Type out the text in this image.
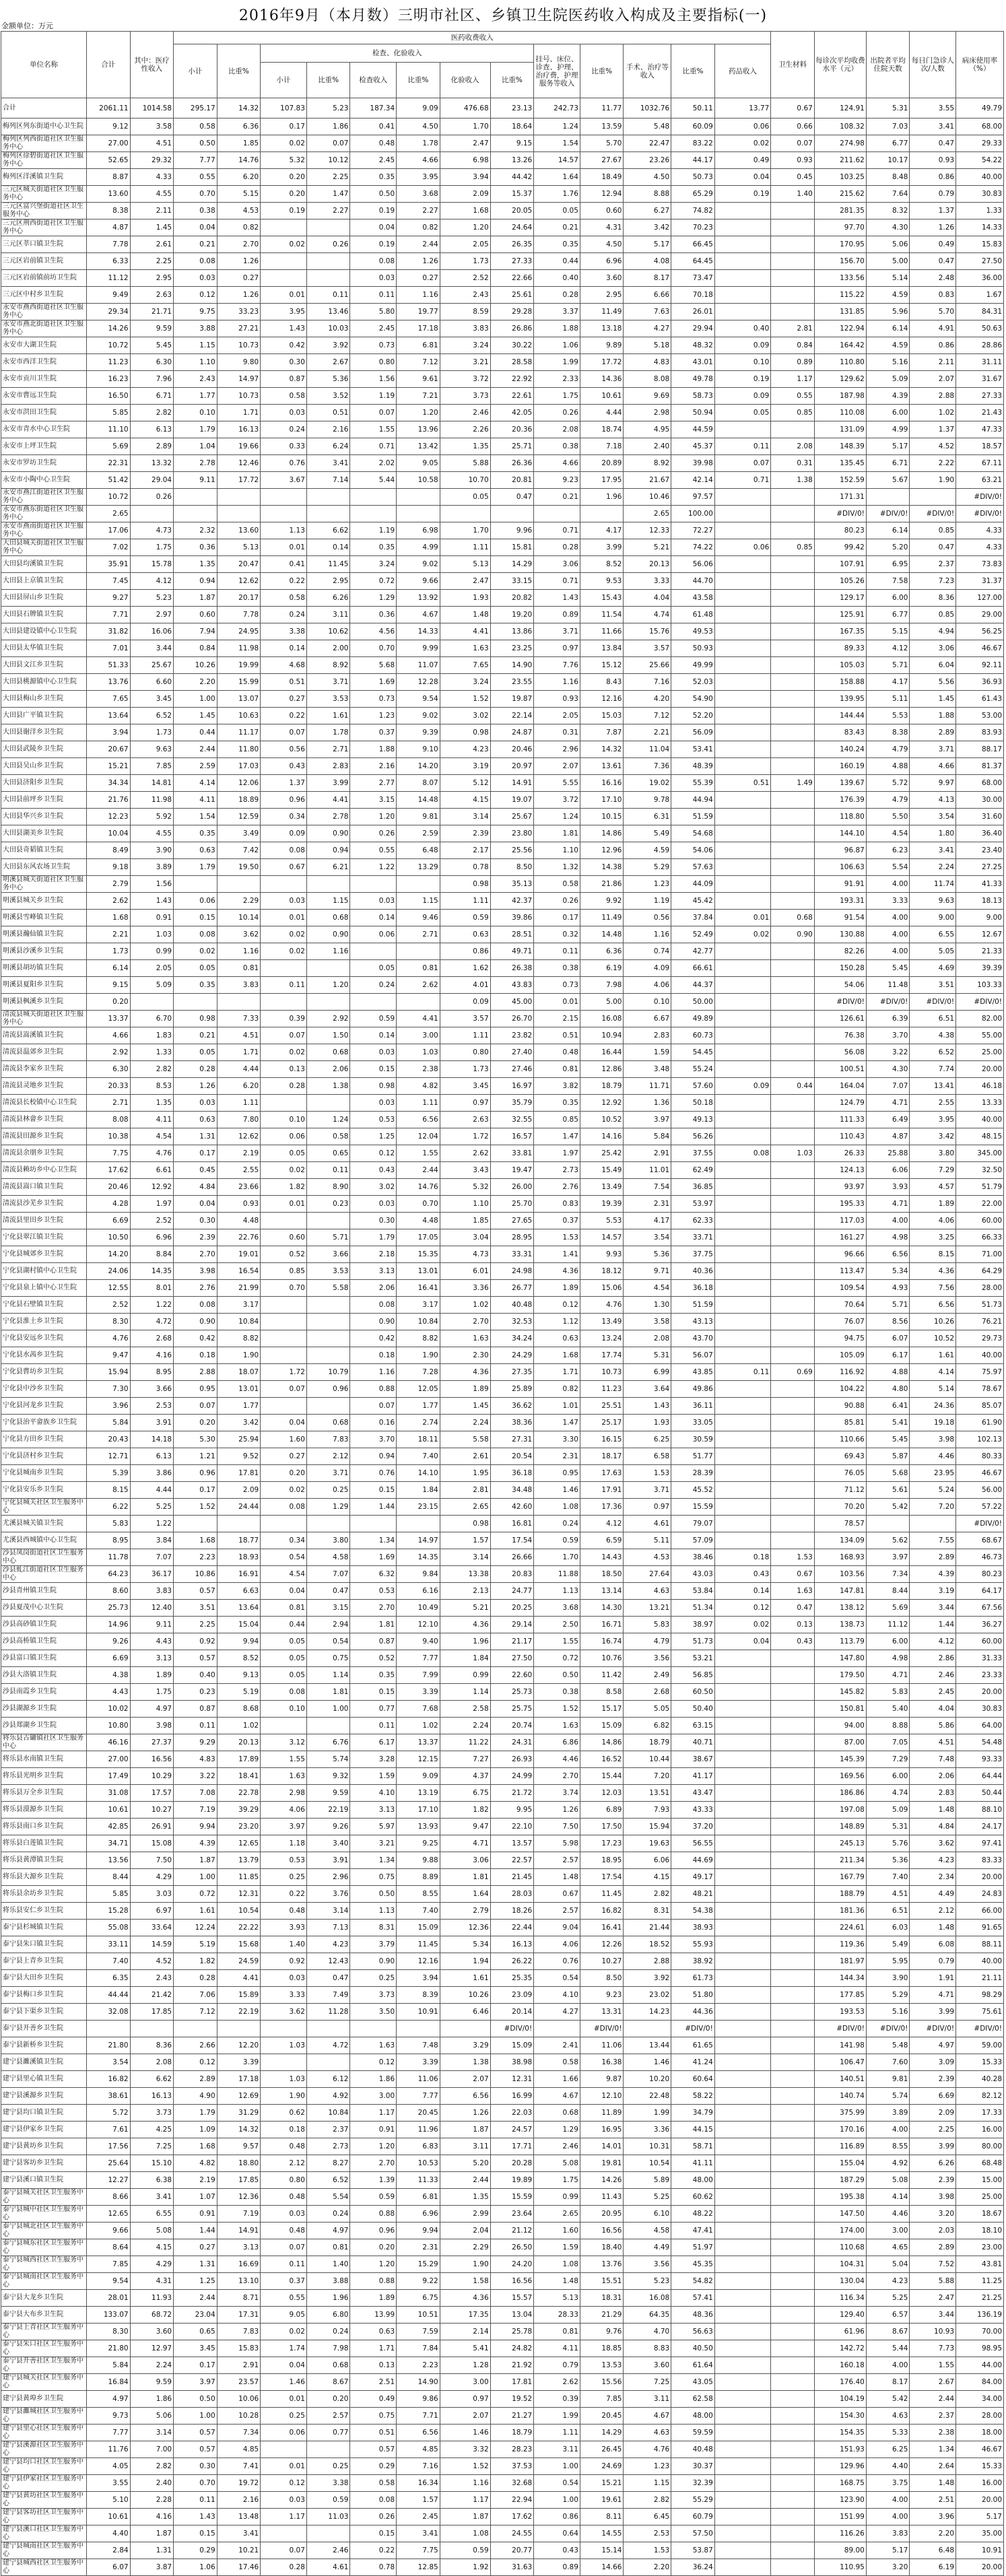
2016年9月（本月数）三明市社区、乡镇卫生院医药收入构成及主要指标(一)
金额单位：万元
单位名称	合计	其中：医疗性收入	医药收费收入													卫生材料	每诊次平均收费水平（元）	出院者平均住院天数	每日门急诊人次/人数	病床使用率（%）
			小计	比重%	检查、化验收入						挂号、床位、诊查、护理、治疗费，护理服务等收入	比重%	手术、治疗等收入	比重%	药品收入					
					小计	比重%	检查收入	比重%	化验收入	比重%										
合计	2061.11	1014.58	295.17	14.32	107.83	5.23	187.34	9.09	476.68	23.13	242.73	11.77	1032.76	50.11	13.77	0.67	124.91	5.31	3.55	49.79
梅列区列东街道中心卫生院	9.12	3.58	0.58	6.36	0.17	1.86	0.41	4.50	1.70	18.64	1.24	13.59	5.48	60.09	0.06	0.66	108.32	7.03	3.41	68.00
梅列区列西街道社区卫生服务中心	27.00	4.51	0.50	1.85	0.02	0.07	0.48	1.78	2.47	9.15	1.54	5.70	22.47	83.22	0.02	0.07	274.98	6.77	0.47	29.33
梅列区徐碧街道社区卫生服务中心	52.65	29.32	7.77	14.76	5.32	10.12	2.45	4.66	6.98	13.26	14.57	27.67	23.26	44.17	0.49	0.93	211.62	10.17	0.93	54.22
梅列区洋溪镇卫生院	8.87	4.33	0.55	6.20	0.20	2.25	0.35	3.95	3.94	44.42	1.64	18.49	4.50	50.73	0.04	0.45	103.25	8.48	0.86	40.00
三元区城关街道社区卫生服务中心	13.60	4.55	0.70	5.15	0.20	1.47	0.50	3.68	2.09	15.37	1.76	12.94	8.88	65.29	0.19	1.40	215.62	7.64	0.79	30.83
三元区富兴堡街道社区卫生服务中心	8.38	2.11	0.38	4.53	0.19	2.27	0.19	2.27	1.68	20.05	0.05	0.60	6.27	74.82			281.35	8.32	1.37	1.33
三元区荆西街道社区卫生服务中心	4.87	1.45	0.04	0.82			0.04	0.82	1.20	24.64	0.21	4.31	3.42	70.23			97.70	4.30	1.26	14.33
三元区莘口镇卫生院	7.78	2.61	0.21	2.70	0.02	0.26	0.19	2.44	2.05	26.35	0.35	4.50	5.17	66.45			170.95	5.06	0.49	15.83
三元区岩前镇卫生院	6.33	2.25	0.08	1.26			0.08	1.26	1.73	27.33	0.44	6.96	4.08	64.45			156.70	5.00	0.47	27.50
三元区岩前镇前坊卫生院	11.12	2.95	0.03	0.27			0.03	0.27	2.52	22.66	0.40	3.60	8.17	73.47			133.56	5.14	2.48	36.00
三元区中村乡卫生院	9.49	2.63	0.12	1.26	0.01	0.11	0.11	1.16	2.43	25.61	0.28	2.95	6.66	70.18			115.22	4.59	0.83	1.67
永安市燕西街道社区卫生服务中心	29.34	21.71	9.75	33.23	3.95	13.46	5.80	19.77	8.59	29.28	3.37	11.49	7.63	26.01			131.85	5.96	5.70	84.31
永安市燕北街道社区卫生服务中心	14.26	9.59	3.88	27.21	1.43	10.03	2.45	17.18	3.83	26.86	1.88	13.18	4.27	29.94	0.40	2.81	122.94	6.14	4.91	50.63
永安市大湖卫生院	10.72	5.45	1.15	10.73	0.42	3.92	0.73	6.81	3.24	30.22	1.06	9.89	5.18	48.32	0.09	0.84	164.42	4.59	0.86	28.86
永安市西洋卫生院	11.23	6.30	1.10	9.80	0.30	2.67	0.80	7.12	3.21	28.58	1.99	17.72	4.83	43.01	0.10	0.89	110.80	5.16	2.11	31.11
永安市贡川卫生院	16.23	7.96	2.43	14.97	0.87	5.36	1.56	9.61	3.72	22.92	2.33	14.36	8.08	49.78	0.19	1.17	129.62	5.09	2.07	31.67
永安市曹远卫生院	16.50	6.71	1.77	10.73	0.58	3.52	1.19	7.21	3.73	22.61	1.75	10.61	9.69	58.73	0.09	0.55	187.98	4.39	2.88	27.33
永安市洪田卫生院	5.85	2.82	0.10	1.71	0.03	0.51	0.07	1.20	2.46	42.05	0.26	4.44	2.98	50.94	0.05	0.85	110.08	6.00	1.02	21.43
永安市青水中心卫生院	11.10	6.13	1.79	16.13	0.24	2.16	1.55	13.96	2.26	20.36	2.08	18.74	4.95	44.59			131.09	4.99	1.37	47.33
永安市上坪卫生院	5.69	2.89	1.04	19.66	0.33	6.24	0.71	13.42	1.35	25.71	0.38	7.18	2.40	45.37	0.11	2.08	148.39	5.17	4.52	18.57
永安市罗坊卫生院	22.31	13.32	2.78	12.46	0.76	3.41	2.02	9.05	5.88	26.36	4.66	20.89	8.92	39.98	0.07	0.31	135.45	6.71	2.22	67.11
永安市小陶中心卫生院	51.42	29.04	9.11	17.72	3.67	7.14	5.44	10.58	10.70	20.81	9.23	17.95	21.67	42.14	0.71	1.38	152.59	5.67	1.90	63.21
永安市燕江街道社区卫生服务中心	10.72	0.26							0.05	0.47	0.21	1.96	10.46	97.57			171.31			#DIV/0!
永安市燕东街道社区卫生服务中心	2.65												2.65	100.00			#DIV/0!	#DIV/0!	#DIV/0!	#DIV/0!
永安市燕南街道社区卫生服务中心	17.06	4.73	2.32	13.60	1.13	6.62	1.19	6.98	1.70	9.96	0.71	4.17	12.33	72.27			80.23	6.14	0.85	4.33
大田县城关街道社区卫生服务中心	7.02	1.75	0.36	5.13	0.01	0.14	0.35	4.99	1.11	15.81	0.28	3.99	5.21	74.22	0.06	0.85	99.42	5.20	0.47	4.33
大田县均溪镇卫生院	35.91	15.78	1.35	20.47	0.41	11.45	3.24	9.02	5.13	14.29	3.06	8.52	20.13	56.06			107.91	6.95	2.37	73.83
大田县上京镇卫生院	7.45	4.12	0.94	12.62	0.22	2.95	0.72	9.66	2.47	33.15	0.71	9.53	3.33	44.70			105.26	7.58	7.23	31.37
大田县屏山乡卫生院	9.27	5.23	1.87	20.17	0.58	6.26	1.29	13.92	1.93	20.82	1.43	15.43	4.04	43.58			129.17	6.00	8.36	127.00
大田县石牌镇卫生院	7.71	2.97	0.60	7.78	0.24	3.11	0.36	4.67	1.48	19.20	0.89	11.54	4.74	61.48			125.91	6.77	0.85	29.00
大田县建设镇中心卫生院	31.82	16.06	7.94	24.95	3.38	10.62	4.56	14.33	4.41	13.86	3.71	11.66	15.76	49.53			167.35	5.15	4.94	56.25
大田县太华镇卫生院	7.01	3.44	0.84	11.98	0.14	2.00	0.70	9.99	1.63	23.25	0.97	13.84	3.57	50.93			89.33	4.12	3.06	46.67
大田县文江乡卫生院	51.33	25.67	10.26	19.99	4.68	8.92	5.68	11.07	7.65	14.90	7.76	15.12	25.66	49.99			105.03	5.71	6.04	92.11
大田县桃源镇中心卫生院	13.76	6.60	2.20	15.99	0.51	3.71	1.69	12.28	3.24	23.55	1.16	8.43	7.16	52.03			158.88	4.17	5.56	36.93
大田县梅山乡卫生院	7.65	3.45	1.00	13.07	0.27	3.53	0.73	9.54	1.52	19.87	0.93	12.16	4.20	54.90			139.95	5.11	1.45	61.43
大田县广平镇卫生院	13.64	6.52	1.45	10.63	0.22	1.61	1.23	9.02	3.02	22.14	2.05	15.03	7.12	52.20			144.44	5.53	1.88	53.00
大田县谢洋乡卫生院	3.94	1.73	0.44	11.17	0.07	1.78	0.37	9.39	0.98	24.87	0.31	7.87	2.21	56.09			83.43	8.38	2.89	83.93
大田县武陵乡卫生院	20.67	9.63	2.44	11.80	0.56	2.71	1.88	9.10	4.23	20.46	2.96	14.32	11.04	53.41			140.24	4.79	3.71	88.17
大田县吴山乡卫生院	15.21	7.85	2.59	17.03	0.43	2.83	2.16	14.20	3.19	20.97	2.07	13.61	7.36	48.39			160.19	4.88	4.66	81.37
大田县济阳乡卫生院	34.34	14.81	4.14	12.06	1.37	3.99	2.77	8.07	5.12	14.91	5.55	16.16	19.02	55.39	0.51	1.49	139.67	5.72	9.97	68.00
大田县前坪乡卫生院	21.76	11.98	4.11	18.89	0.96	4.41	3.15	14.48	4.15	19.07	3.72	17.10	9.78	44.94			176.39	4.79	4.13	30.00
大田县华兴乡卫生院	12.23	5.92	1.54	12.59	0.34	2.78	1.20	9.81	3.14	25.67	1.24	10.15	6.31	51.59			118.80	5.50	3.54	31.60
大田县湖美乡卫生院	10.04	4.55	0.35	3.49	0.09	0.90	0.26	2.59	2.39	23.80	1.81	14.86	5.49	54.68			144.10	4.54	1.80	36.40
大田县奇韬镇卫生院	8.49	3.90	0.63	7.42	0.08	0.94	0.55	6.48	2.17	25.56	1.10	12.96	4.59	54.06			96.87	6.23	3.41	23.40
大田县东风农场卫生院	9.18	3.89	1.79	19.50	0.67	6.21	1.22	13.29	0.78	8.50	1.32	14.38	5.29	57.63			106.63	5.54	2.24	27.25
明溪县城关街道社区卫生服务中心	2.79	1.56							0.98	35.13	0.58	21.86	1.23	44.09			91.91	4.00	11.74	41.33
明溪县城关乡卫生院	2.62	1.43	0.06	2.29	0.03	1.15	0.03	1.15	1.11	42.37	0.26	9.92	1.19	45.42			193.31	3.33	9.63	18.13
明溪县雪峰镇卫生院	1.68	0.91	0.15	10.14	0.01	0.68	0.14	9.46	0.59	39.86	0.17	11.49	0.56	37.84	0.01	0.68	91.54	4.00	9.00	9.00
明溪县瀚仙镇卫生院	2.21	1.03	0.08	3.62	0.02	0.90	0.06	2.71	0.63	28.51	0.32	14.48	1.16	52.49	0.02	0.90	130.88	4.00	6.55	12.67
明溪县沙溪乡卫生院	1.73	0.99	0.02	1.16	0.02	1.16			0.86	49.71	0.11	6.36	0.74	42.77			82.26	4.00	5.05	21.33
明溪县胡坊镇卫生院	6.14	2.05	0.05	0.81			0.05	0.81	1.62	26.38	0.38	6.19	4.09	66.61			150.28	5.45	4.69	39.39
明溪县夏阳乡卫生院	9.15	5.09	0.35	3.83	0.11	1.20	0.24	2.62	4.01	43.83	0.73	7.98	4.06	44.37			54.06	11.48	3.51	103.33
明溪县枫溪乡卫生院	0.20								0.09	45.00	0.01	5.00	0.10	50.00			#DIV/0!	#DIV/0!	#DIV/0!	#DIV/0!
清流县城关街道社区卫生服务中心	13.37	6.70	0.98	7.33	0.39	2.92	0.59	4.41	3.57	26.70	2.15	16.08	6.67	49.89			126.61	6.39	6.51	82.00
清流县嵩溪镇卫生院	4.66	1.83	0.21	4.51	0.07	1.50	0.14	3.00	1.11	23.82	0.51	10.94	2.83	60.73			76.38	3.70	4.38	55.00
清流县温郊乡卫生院	2.92	1.33	0.05	1.71	0.02	0.68	0.03	1.03	0.80	27.40	0.48	16.44	1.59	54.45			56.08	3.22	6.52	25.00
清流县李家乡卫生院	6.30	2.82	0.28	4.44	0.13	2.06	0.15	2.38	1.73	27.46	0.81	12.86	3.48	55.24			100.51	4.30	7.74	20.00
清流县灵地乡卫生院	20.33	8.53	1.26	6.20	0.28	1.38	0.98	4.82	3.45	16.97	3.82	18.79	11.71	57.60	0.09	0.44	164.04	7.07	13.41	46.18
清流县长校镇中心卫生院	2.71	1.35	0.03	1.11			0.03	1.11	0.97	35.79	0.35	12.92	1.36	50.18			124.79	4.71	2.55	13.33
清流县林畲乡卫生院	8.08	4.11	0.63	7.80	0.10	1.24	0.53	6.56	2.63	32.55	0.85	10.52	3.97	49.13			111.33	6.49	3.95	40.00
清流县田源乡卫生院	10.38	4.54	1.31	12.62	0.06	0.58	1.25	12.04	1.72	16.57	1.47	14.16	5.84	56.26			110.43	4.87	3.42	48.15
清流县余朋乡卫生院	7.75	4.76	0.17	2.19	0.05	0.65	0.12	1.55	2.62	33.81	1.97	25.42	2.91	37.55	0.08	1.03	26.33	25.88	3.80	345.00
清流县赖坊乡中心卫生院	17.62	6.61	0.45	2.55	0.02	0.11	0.43	2.44	3.43	19.47	2.73	15.49	11.01	62.49			124.13	6.06	7.29	32.50
清流县嵩口镇卫生院	20.46	12.92	4.84	23.66	1.82	8.90	3.02	14.76	5.32	26.00	2.76	13.49	7.54	36.85			93.97	3.93	4.57	51.79
清流县沙芜乡卫生院	4.28	1.97	0.04	0.93	0.01	0.23	0.03	0.70	1.10	25.70	0.83	19.39	2.31	53.97			195.33	4.71	1.89	22.00
清流县里田乡卫生院	6.69	2.52	0.30	4.48			0.30	4.48	1.85	27.65	0.37	5.53	4.17	62.33			117.03	4.00	4.06	60.00
宁化县翠江镇卫生院	10.50	6.96	2.39	22.76	0.60	5.71	1.79	17.05	3.04	28.95	1.53	14.57	3.54	33.71			161.27	4.98	3.25	66.33
宁化县城郊乡卫生院	14.20	8.84	2.70	19.01	0.52	3.66	2.18	15.35	4.73	33.31	1.41	9.93	5.36	37.75			96.66	6.56	8.15	71.00
宁化县湖村镇中心卫生院	24.06	14.35	3.98	16.54	0.85	3.53	3.13	13.01	6.01	24.98	4.36	18.12	9.71	40.36			113.47	5.34	4.36	64.29
宁化县泉上镇中心卫生院	12.55	8.01	2.76	21.99	0.70	5.58	2.06	16.41	3.36	26.77	1.89	15.06	4.54	36.18			109.54	4.93	7.56	28.00
宁化县石壁镇卫生院	2.52	1.22	0.08	3.17			0.08	3.17	1.02	40.48	0.12	4.76	1.30	51.59			70.64	5.71	6.56	51.73
宁化县淮土乡卫生院	8.30	4.72	0.90	10.84			0.90	10.84	2.70	32.53	1.12	13.49	3.58	43.13			76.07	8.56	10.26	76.21
宁化县安远乡卫生院	4.76	2.68	0.42	8.82			0.42	8.82	1.63	34.24	0.63	13.24	2.08	43.70			94.75	6.07	10.52	29.73
宁化县水茜乡卫生院	9.47	4.16	0.18	1.90			0.18	1.90	2.30	24.29	1.68	17.74	5.31	56.07			105.09	6.17	1.61	40.00
宁化县曹坊乡卫生院	15.94	8.95	2.88	18.07	1.72	10.79	1.16	7.28	4.36	27.35	1.71	10.73	6.99	43.85	0.11	0.69	116.92	4.88	4.14	75.97
宁化县中沙乡卫生院	7.30	3.66	0.95	13.01	0.07	0.96	0.88	12.05	1.89	25.89	0.82	11.23	3.64	49.86			104.22	4.80	5.14	78.67
宁化县河龙乡卫生院	3.96	2.53	0.07	1.77			0.07	1.77	1.45	36.62	1.01	25.51	1.43	36.11			90.88	6.41	24.36	85.07
宁化县治平畲族乡卫生院	5.84	3.91	0.20	3.42	0.04	0.68	0.16	2.74	2.24	38.36	1.47	25.17	1.93	33.05			85.81	5.41	19.18	61.90
宁化县方田乡卫生院	20.43	14.18	5.30	25.94	1.60	7.83	3.70	18.11	5.58	27.31	3.30	16.15	6.25	30.59			110.66	5.45	3.98	102.13
宁化县济村乡卫生院	12.71	6.13	1.21	9.52	0.27	2.12	0.94	7.40	2.61	20.54	2.31	18.17	6.58	51.77			69.43	5.87	4.46	80.33
宁化县城南乡卫生院	5.39	3.86	0.96	17.81	0.20	3.71	0.76	14.10	1.95	36.18	0.95	17.63	1.53	28.39			76.05	5.68	23.95	46.67
宁化县安乐乡卫生院	8.15	4.44	0.17	2.09	0.02	0.25	0.15	1.84	2.81	34.48	1.46	17.91	3.71	45.52			71.12	5.61	5.24	56.00
宁化县城关社区卫生服务中心	6.22	5.25	1.52	24.44	0.08	1.29	1.44	23.15	2.65	42.60	1.08	17.36	0.97	15.59			70.20	5.42	7.20	57.22
尤溪县城关镇卫生院	5.83	1.22							0.98	16.81	0.24	4.12	4.61	79.07			78.57			#DIV/0!
尤溪县西城镇中心卫生院	8.95	3.84	1.68	18.77	0.34	3.80	1.34	14.97	1.57	17.54	0.59	6.59	5.11	57.09			134.09	5.62	7.55	68.67
沙县凤岗街道社区卫生服务中心	11.78	7.07	2.23	18.93	0.54	4.58	1.69	14.35	3.14	26.66	1.70	14.43	4.53	38.46	0.18	1.53	168.93	3.97	2.89	46.73
沙县虬江街道社区卫生服务中心	64.23	36.17	10.86	16.91	4.54	7.07	6.32	9.84	13.38	20.83	11.88	18.50	27.64	43.03	0.43	0.67	103.56	7.34	4.39	80.23
沙县青州镇卫生院	8.60	3.83	0.57	6.63	0.04	0.47	0.53	6.16	2.13	24.77	1.13	13.14	4.63	53.84	0.14	1.63	147.81	8.44	3.19	64.17
沙县夏茂中心卫生院	25.73	12.40	3.51	13.64	0.81	3.15	2.70	10.49	5.21	20.25	3.68	14.30	13.21	51.34	0.12	0.47	138.12	5.69	3.44	67.56
沙县高砂镇卫生院	14.96	9.11	2.25	15.04	0.44	2.94	1.81	12.10	4.36	29.14	2.50	16.71	5.83	38.97	0.02	0.13	138.73	11.12	1.44	36.27
沙县高桥镇卫生院	9.26	4.43	0.92	9.94	0.05	0.54	0.87	9.40	1.96	21.17	1.55	16.74	4.79	51.73	0.04	0.43	113.79	6.00	4.12	60.00
沙县富口镇卫生院	6.69	3.13	0.57	8.52	0.05	0.75	0.52	7.77	1.84	27.50	0.72	10.76	3.56	53.21			147.80	4.98	2.86	31.33
沙县大洛镇卫生院	4.38	1.89	0.40	9.13	0.05	1.14	0.35	7.99	0.99	22.60	0.50	11.42	2.49	56.85			179.50	4.71	2.46	23.33
沙县南霞乡卫生院	4.43	1.75	0.23	5.19	0.08	1.81	0.15	3.39	1.14	25.73	0.38	8.58	2.68	60.50			145.82	5.83	2.45	20.00
沙县湖源乡卫生院	10.02	4.97	0.87	8.68	0.10	1.00	0.77	7.68	2.58	25.75	1.52	15.17	5.05	50.40			150.81	5.40	4.04	30.83
沙县郑湖乡卫生院	10.80	3.98	0.11	1.02			0.11	1.02	2.24	20.74	1.63	15.09	6.82	63.15			94.00	8.88	5.86	64.00
将乐县古镛镇社区卫生服务中心	46.16	27.37	9.29	20.13	3.12	6.76	6.17	13.37	11.22	24.31	6.86	14.86	18.79	40.71			87.00	7.05	4.51	54.48
将乐县水南镇卫生院	27.00	16.56	4.83	17.89	1.55	5.74	3.28	12.15	7.27	26.93	4.46	16.52	10.44	38.67			145.39	7.29	7.48	93.33
将乐县光明乡卫生院	17.49	10.29	3.22	18.41	1.63	9.32	1.59	9.09	4.37	24.99	2.70	15.44	7.20	41.17			169.56	6.00	2.06	64.44
将乐县万全乡卫生院	31.08	17.57	7.08	22.78	2.98	9.59	4.10	13.19	6.75	21.72	3.74	12.03	13.51	43.47			186.86	4.74	2.83	50.44
将乐县漠源乡卫生院	10.61	10.27	7.19	39.29	4.06	22.19	3.13	17.10	1.82	9.95	1.26	6.89	7.93	43.33			197.08	5.09	1.48	88.10
将乐县南口乡卫生院	42.85	26.91	9.94	23.20	3.97	9.26	5.97	13.93	9.47	22.10	7.50	17.50	15.94	37.20			148.89	5.31	4.84	24.17
将乐县白莲镇卫生院	34.71	15.08	4.39	12.65	1.18	3.40	3.21	9.25	4.71	13.57	5.98	17.23	19.63	56.55			245.13	5.76	3.62	97.41
将乐县黄潭镇卫生院	13.56	7.50	1.87	13.79	0.53	3.91	1.34	9.88	3.06	22.57	2.57	18.95	6.06	44.69			211.34	5.36	4.23	83.33
将乐县大源乡卫生院	8.44	4.29	1.00	11.85	0.25	2.96	0.75	8.89	1.81	21.45	1.48	17.54	4.15	49.17			167.79	7.40	2.34	20.00
将乐县余坊乡卫生院	5.85	3.03	0.72	12.31	0.22	3.76	0.50	8.55	1.64	28.03	0.67	11.45	2.82	48.21			188.79	4.51	4.49	24.83
将乐县安仁乡卫生院	15.28	6.97	1.61	10.54	0.48	3.14	1.13	7.40	2.79	18.26	2.57	16.82	8.31	54.38			181.36	6.51	2.12	66.00
泰宁县杉城镇卫生院	55.08	33.64	12.24	22.22	3.93	7.13	8.31	15.09	12.36	22.44	9.04	16.41	21.44	38.93			224.61	6.03	1.48	91.65
泰宁县朱口镇卫生院	33.11	14.59	5.19	15.68	1.40	4.23	3.79	11.45	5.34	16.13	4.06	12.26	18.52	55.93			119.36	5.49	6.08	88.11
泰宁县上青乡卫生院	7.40	4.52	1.82	24.59	0.92	12.43	0.90	12.16	1.94	26.22	0.76	10.27	2.88	38.92			181.97	5.95	0.79	40.00
泰宁县大田乡卫生院	6.35	2.43	0.28	4.41	0.03	0.47	0.25	3.94	1.61	25.35	0.54	8.50	3.92	61.73			144.34	3.90	1.91	21.11
泰宁县梅口乡卫生院	44.44	21.42	7.06	15.89	3.33	7.49	3.73	8.39	10.26	23.09	4.10	9.23	23.02	51.80			177.85	5.29	4.71	98.29
泰宁县下渠乡卫生院	32.08	17.85	7.12	22.19	3.62	11.28	3.50	10.91	6.46	20.14	4.27	13.31	14.23	44.36			193.53	5.16	3.99	75.61
泰宁县开善乡卫生院										#DIV/0!		#DIV/0!		#DIV/0!			#DIV/0!	#DIV/0!	#DIV/0!	#DIV/0!
泰宁县新桥乡卫生院	21.80	8.36	2.66	12.20	1.03	4.72	1.63	7.48	3.29	15.09	2.41	11.06	13.44	61.65			141.98	5.48	4.97	59.00
建宁县濉溪镇卫生院	3.54	2.08	0.12	3.39			0.12	3.39	1.38	38.98	0.58	16.38	1.46	41.24			106.47	7.60	3.09	15.33
建宁县里心镇卫生院	16.82	6.62	2.89	17.18	1.03	6.12	1.86	11.06	2.07	12.31	1.66	9.87	10.20	60.64			140.51	9.81	2.39	40.28
建宁县溪源乡卫生院	38.61	16.13	4.90	12.69	1.90	4.92	3.00	7.77	6.56	16.99	4.67	12.10	22.48	58.22			140.74	5.74	6.69	82.12
建宁县均口镇卫生院	5.72	3.73	1.79	31.29	0.62	10.84	1.17	20.45	1.26	22.03	0.68	11.89	1.99	34.79			375.99	3.89	2.09	17.33
建宁县伊家乡卫生院	7.61	4.25	1.09	14.32	0.18	2.37	0.91	11.96	1.87	24.57	1.29	16.95	3.36	44.15			170.16	4.00	2.25	16.00
建宁县黄坊乡卫生院	17.56	7.25	1.68	9.57	0.48	2.73	1.20	6.83	3.11	17.71	2.46	14.01	10.31	58.71			116.89	8.55	3.99	80.00
建宁县客坊乡卫生院	25.64	15.10	4.82	18.80	2.12	8.27	2.70	10.53	5.20	20.28	5.08	19.81	10.54	41.11			155.04	4.92	6.26	68.48
建宁县溪口镇卫生院	12.27	6.38	2.19	17.85	0.80	6.52	1.39	11.33	2.44	19.89	1.75	14.26	5.89	48.00			187.29	5.08	2.39	15.00
泰宁县城关社区卫生服务中心	8.66	3.41	1.07	12.36	0.48	5.54	0.59	6.81	1.35	15.59	0.99	11.43	5.25	60.62			195.38	4.14	3.98	25.00
泰宁县城中社区卫生服务中心	12.65	6.55	0.91	7.19	0.03	0.24	0.88	6.96	2.99	23.64	2.65	20.95	6.10	48.22			147.50	4.46	3.20	18.67
泰宁县城北社区卫生服务中心	9.66	5.08	1.44	14.91	0.48	4.97	0.96	9.94	2.04	21.12	1.60	16.56	4.58	47.41			174.00	3.00	2.03	18.10
泰宁县城东社区卫生服务中心	8.64	4.15	0.27	3.13	0.07	0.81	0.20	2.31	2.29	26.50	1.59	18.40	4.49	51.97			110.68	4.65	2.89	23.00
泰宁县城西社区卫生服务中心	7.85	4.29	1.31	16.69	0.11	1.40	1.20	15.29	1.90	24.20	1.08	13.76	3.56	45.35			104.31	5.04	7.52	43.81
泰宁县城南社区卫生服务中心	9.54	4.31	1.25	13.10	0.37	3.88	0.88	9.22	1.58	16.56	1.48	15.51	5.23	54.82			130.04	4.23	5.88	11.25
泰宁县大龙乡卫生院	28.01	11.93	2.44	8.71	0.55	1.96	1.89	6.75	4.36	15.57	5.13	18.31	16.08	57.41			116.34	5.25	2.47	21.25
泰宁县大布乡卫生院	133.07	68.72	23.04	17.31	9.05	6.80	13.99	10.51	17.35	13.04	28.33	21.29	64.35	48.36			129.40	6.57	3.44	136.19
泰宁县上青社区卫生服务中心	8.30	3.60	0.65	7.83	0.02	0.24	0.63	7.59	2.14	25.78	0.81	9.76	4.70	56.63			61.96	8.67	10.93	70.00
泰宁县朱口社区卫生服务中心	21.80	12.97	3.45	15.83	1.74	7.98	1.71	7.84	5.41	24.82	4.11	18.85	8.83	40.50			142.72	5.44	7.73	98.95
泰宁县开善社区卫生服务中心	5.84	2.24	0.17	2.91	0.04	0.68	0.13	2.23	1.28	21.92	0.79	13.53	3.60	61.64			160.18	4.00	1.55	44.00
建宁县城关社区卫生服务中心	16.84	9.59	3.97	23.57	1.46	8.67	2.51	14.90	3.00	17.81	2.62	15.56	7.25	43.05			176.40	8.17	2.67	84.00
建宁县黄埠乡卫生院	4.97	1.86	0.50	10.06	0.01	0.20	0.49	9.86	0.97	19.52	0.39	7.85	3.11	62.58			104.19	5.42	2.44	34.00
建宁县濉城社区卫生服务中心	9.73	5.06	1.00	10.28	0.25	2.57	0.75	7.71	2.07	21.27	1.99	20.45	4.67	48.00			154.30	4.63	2.37	28.00
建宁县里心社区卫生服务中心	7.77	3.14	0.57	7.34	0.06	0.77	0.51	6.56	1.46	18.79	1.11	14.29	4.63	59.59			154.35	5.33	2.38	18.00
建宁县溪源社区卫生服务中心	11.76	7.00	0.57	4.85			0.57	4.85	3.32	28.23	3.11	26.45	4.76	40.48			151.93	6.25	1.34	46.67
建宁县均口社区卫生服务中心	4.05	2.82	0.30	7.41	0.01	0.25	0.29	7.16	1.52	37.53	1.00	24.69	1.23	30.37			129.96	4.40	2.64	15.33
建宁县伊家社区卫生服务中心	3.55	2.40	0.70	19.72	0.12	3.38	0.58	16.34	1.16	32.68	0.54	15.21	1.15	32.39			168.75	3.75	1.48	16.00
建宁县黄坊社区卫生服务中心	5.10	2.28	0.11	2.16	0.03	0.59	0.08	1.57	1.17	22.94	1.00	19.61	2.82	55.29			123.90	4.00	2.51	20.00
建宁县客坊社区卫生服务中心	10.61	4.16	1.43	13.48	1.17	11.03	0.26	2.45	1.87	17.62	0.86	8.11	6.45	60.79			151.99	4.00	3.96	5.17
建宁县溪口社区卫生服务中心	4.40	1.87	0.15	3.41			0.15	3.41	1.08	24.55	0.64	14.55	2.53	57.50			116.26	3.83	2.20	35.00
建宁县城南社区卫生服务中心	2.84	1.31	0.29	10.21	0.07	2.46	0.22	7.75	0.59	20.77	0.43	15.14	1.53	53.87			89.00	5.17	6.48	10.91
建宁县城西社区卫生服务中心	6.07	3.87	1.06	17.46	0.28	4.61	0.78	12.85	1.92	31.63	0.89	14.66	2.20	36.24			110.95	3.20	6.19	20.00
